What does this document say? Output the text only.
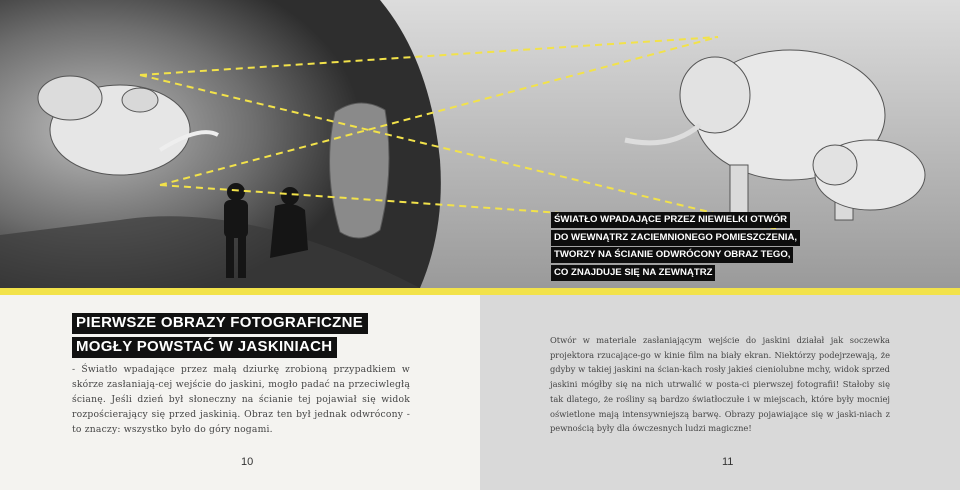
ŚWIATŁO WPADAJĄCE PRZEZ NIEWIELKI OTWÓR
DO WEWNĄTRZ ZACIEMNIONEGO POMIESZCZENIA,
TWORZY NA ŚCIANIE ODWRÓCONY OBRAZ TEGO,
CO ZNAJDUJE SIĘ NA ZEWNĄTRZ
PIERWSZE OBRAZY FOTOGRAFICZNE
MOGŁY POWSTAĆ W JASKINIACH
- Światło wpadające przez małą dziurkę zrobioną przypadkiem w skórze zasłaniają-cej wejście do jaskini, mogło padać na przeciwległą ścianę. Jeśli dzień był słoneczny na ścianie tej pojawiał się widok rozpościerający się przed jaskinią. Obraz ten był jednak odwrócony - to znaczy: wszystko było do góry nogami.
Otwór w materiale zasłaniającym wejście do jaskini działał jak soczewka projektora rzucające-go w kinie film na biały ekran. Niektórzy podejrzewają, że gdyby w takiej jaskini na ścian-kach rosły jakieś cieniolubne mchy, widok sprzed jaskini mógłby się na nich utrwalić w posta-ci pierwszej fotografii! Stałoby się tak dlatego, że rośliny są bardzo światłoczułe i w miejscach, które były mocniej oświetlone mają intensywniejszą barwę. Obrazy pojawiające się w jaski-niach z pewnością były dla ówczesnych ludzi magiczne!
10	11
